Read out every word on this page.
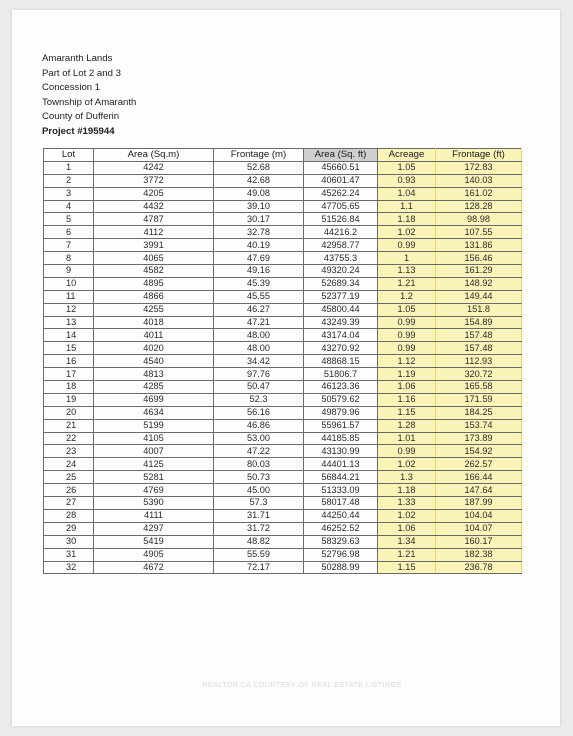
Amaranth Lands
Part of Lot 2 and 3
Concession 1
Township of Amaranth
County of Dufferin
Project #195944
Lot	Area (Sq.m)	Frontage (m)	Area (Sq. ft)	Acreage	Frontage (ft)
1	4242	52.68	45660.51	1.05	172.83
2	3772	42.68	40601.47	0.93	140.03
3	4205	49.08	45262.24	1.04	161.02
4	4432	39.10	47705.65	1.1	128.28
5	4787	30.17	51526.84	1.18	98.98
6	4112	32.78	44216.2	1.02	107.55
7	3991	40.19	42958.77	0.99	131.86
8	4065	47.69	43755.3	1	156.46
9	4582	49.16	49320.24	1.13	161.29
10	4895	45.39	52689.34	1.21	148.92
11	4866	45.55	52377.19	1.2	149.44
12	4255	46.27	45800.44	1.05	151.8
13	4018	47.21	43249.39	0.99	154.89
14	4011	48.00	43174.04	0.99	157.48
15	4020	48.00	43270.92	0.99	157.48
16	4540	34.42	48868.15	1.12	112.93
17	4813	97.76	51806.7	1.19	320.72
18	4285	50.47	46123.36	1.06	165.58
19	4699	52.3	50579.62	1.16	171.59
20	4634	56.16	49879.96	1.15	184.25
21	5199	46.86	55961.57	1.28	153.74
22	4105	53.00	44185.85	1.01	173.89
23	4007	47.22	43130.99	0.99	154.92
24	4125	80.03	44401.13	1.02	262.57
25	5281	50.73	56844.21	1.3	166.44
26	4769	45.00	51333.09	1.18	147.64
27	5390	57.3	58017.48	1.33	187.99
28	4111	31.71	44250.44	1.02	104.04
29	4297	31.72	46252.52	1.06	104.07
30	5419	48.82	58329.63	1.34	160.17
31	4905	55.59	52796.98	1.21	182.38
32	4672	72.17	50288.99	1.15	236.78
REALTOR.CA COURTESY OF REAL ESTATE LISTINGS
